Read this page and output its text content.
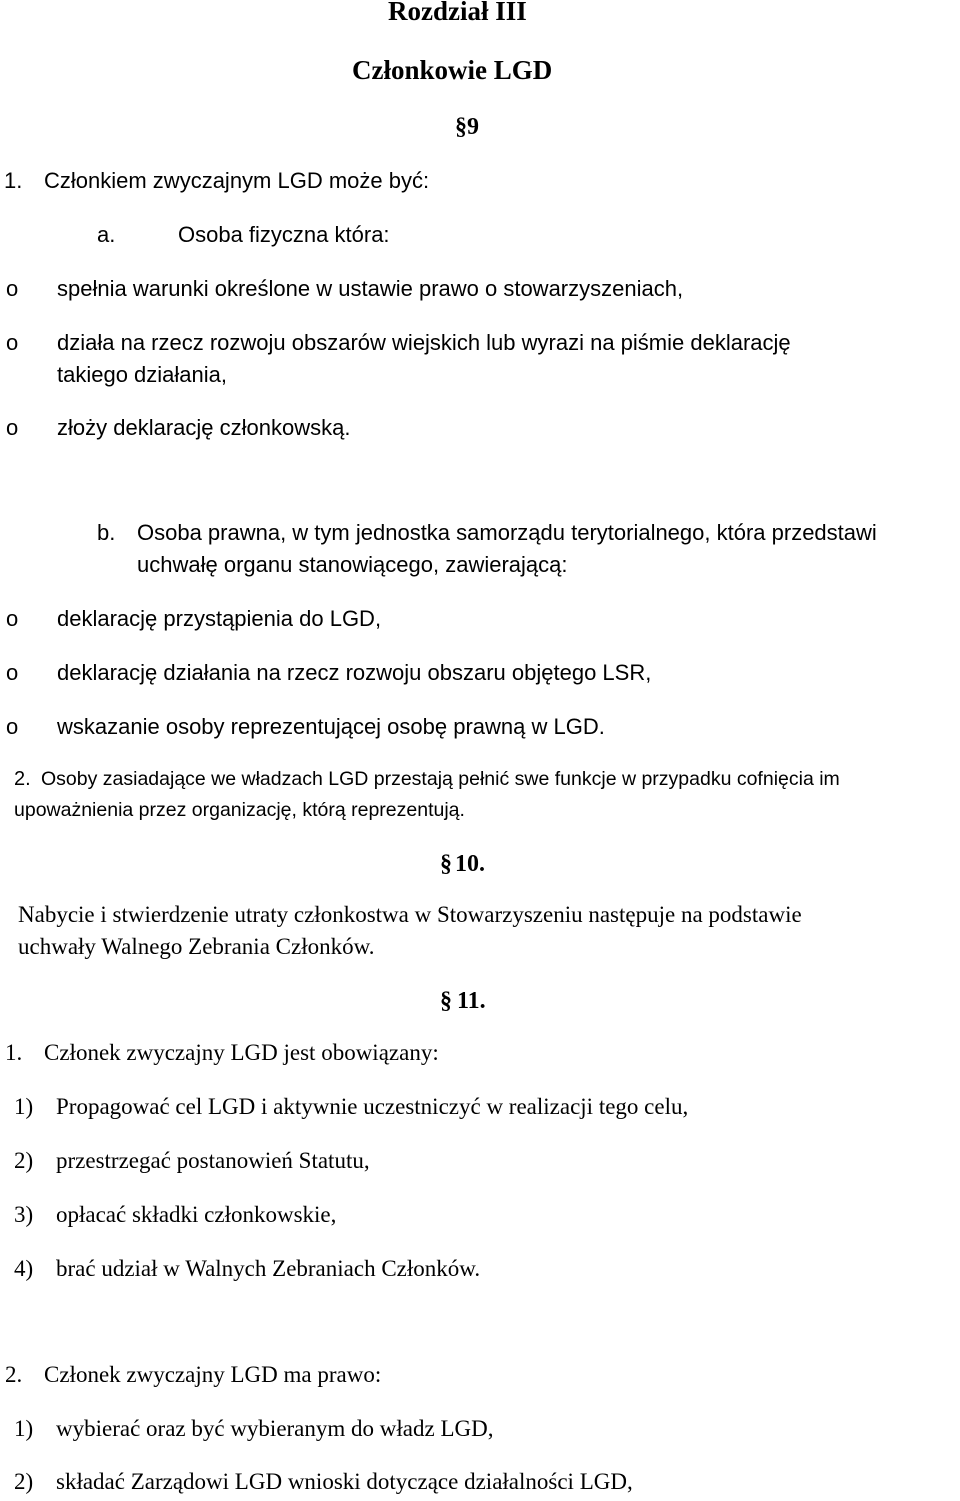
Rozdział III
Członkowie LGD
§9
1. Członkiem zwyczajnym LGD może być:
a.	Osoba fizyczna która:
o spełnia warunki określone w ustawie prawo o stowarzyszeniach,
o działa na rzecz rozwoju obszarów wiejskich lub wyrazi na piśmie deklarację
takiego działania,
o złoży deklarację członkowską.
b. Osoba prawna, w tym jednostka samorządu terytorialnego, która przedstawi
uchwałę organu stanowiącego, zawierającą:
o deklarację przystąpienia do LGD,
o deklarację działania na rzecz rozwoju obszaru objętego LSR,
o wskazanie osoby reprezentującej osobę prawną w LGD.
2. Osoby zasiadające we władzach LGD przestają pełnić swe funkcje w przypadku cofnięcia im
upoważnienia przez organizację, którą reprezentują.
§ 10.
Nabycie i stwierdzenie utraty członkostwa w Stowarzyszeniu następuje na podstawie
uchwały Walnego Zebrania Członków.
§ 11.
1. Członek zwyczajny LGD jest obowiązany:
1) Propagować cel LGD i aktywnie uczestniczyć w realizacji tego celu,
2) przestrzegać postanowień Statutu,
3) opłacać składki członkowskie,
4) brać udział w Walnych Zebraniach Członków.
2. Członek zwyczajny LGD ma prawo:
1) wybierać oraz być wybieranym do władz LGD,
2) składać Zarządowi LGD wnioski dotyczące działalności LGD,
